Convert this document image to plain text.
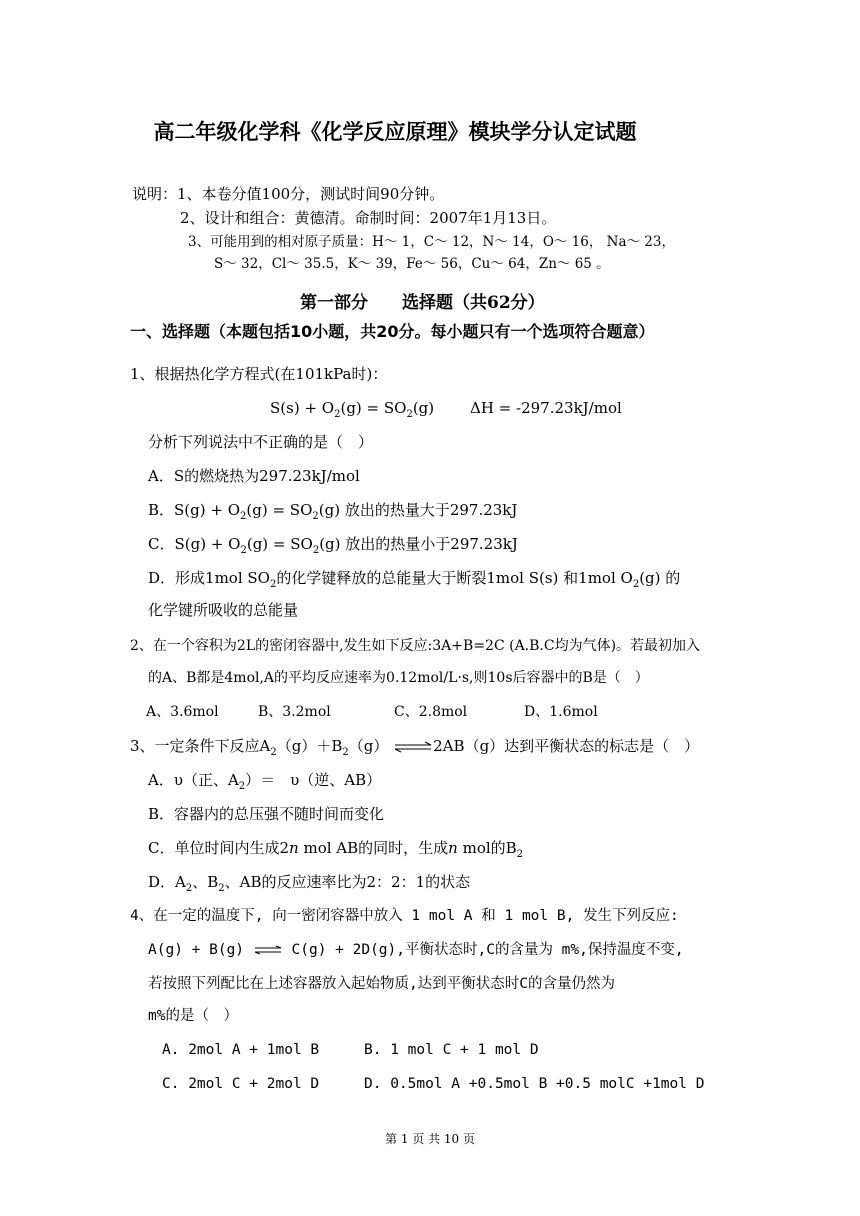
高二年级化学科《化学反应原理》模块学分认定试题
说明：1、本卷分值100分，测试时间90分钟。
2、设计和组合：黄德清。命制时间：2007年1月13日。
3、可能用到的相对原子质量：H～ 1，C～ 12，N～ 14，O～ 16， Na～ 23，
S～ 32，Cl～ 35.5，K～ 39，Fe～ 56，Cu～ 64，Zn～ 65 。
第一部分　　选择题（共62分）
一、选择题（本题包括10小题，共20分。每小题只有一个选项符合题意）
1、根据热化学方程式(在101kPa时)：
$S(s) + O_2(g) = SO_2(g) \Delta H = -297.23kJ/mol$
分析下列说法中不正确的是（　）
A．S的燃烧热为297.23kJ/mol
B．$S(g) + O_2(g) = SO_2(g)$ 放出的热量大于297.23kJ
C．$S(g) + O_2(g) = SO_2(g)$ 放出的热量小于297.23kJ
D．形成1mol $SO_2$的化学键释放的总能量大于断裂1mol S(s) 和1mol $O_2(g)$ 的
化学键所吸收的总能量
2、在一个容积为2L的密闭容器中,发生如下反应:3A+B=2C (A.B.C均为气体)。若最初加入
的A、B都是4mol,A的平均反应速率为0.12mol/L·s,则10s后容器中的B是（　）
A、3.6mol	B、3.2mol	C、2.8mol	D、1.6mol
3、一定条件下反应$A_2(g)+B_2(g)$ ⇌2AB（g）达到平衡状态的标志是（　）
A．υ（正、$A_2)=$　υ（逆、AB）
B．容器内的总压强不随时间而变化
C．单位时间内生成2n mol AB的同时，生成n mol的$B_2$
D．$A_2$、$B_2$、AB的反应速率比为2：2：1的状态
4、在一定的温度下, 向一密闭容器中放入 1 mol A 和 1 mol B, 发生下列反应:
A(g) + B(g) ⇌ C(g) + 2D(g),平衡状态时,C的含量为 m%,保持温度不变,
若按照下列配比在上述容器放入起始物质,达到平衡状态时C的含量仍然为
m%的是（　）
A. 2mol A + 1mol B	B. 1 mol C + 1 mol D
C. 2mol C + 2mol D	D. 0.5mol A +0.5mol B +0.5 molC +1mol D
第 1 页 共 10 页
